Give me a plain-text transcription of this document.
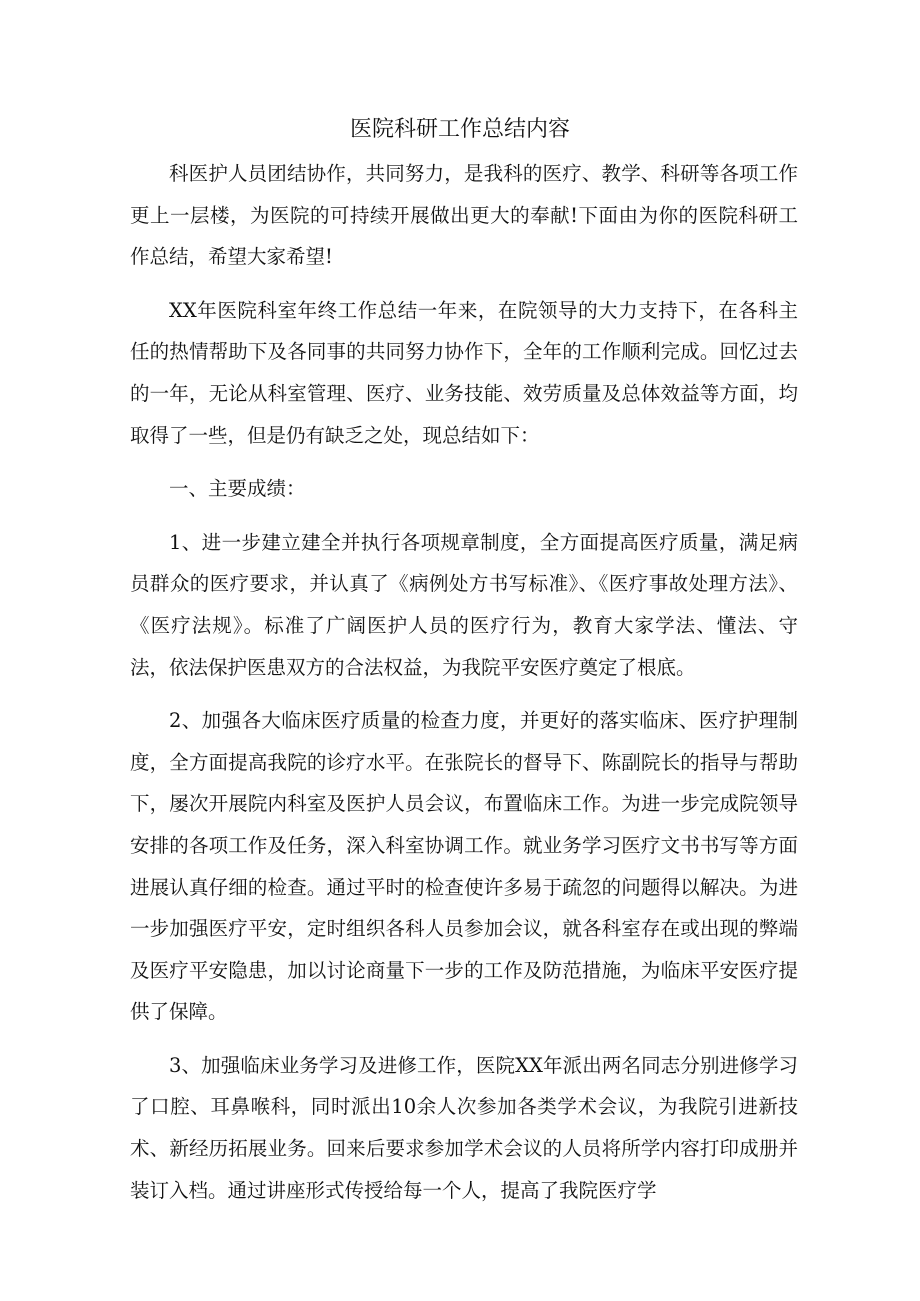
医院科研工作总结内容

科医护人员团结协作，共同努力，是我科的医疗、教学、科研等各项工作更上一层楼，为医院的可持续开展做出更大的奉献!下面由为你的医院科研工作总结，希望大家希望!

XX年医院科室年终工作总结一年来，在院领导的大力支持下，在各科主任的热情帮助下及各同事的共同努力协作下，全年的工作顺利完成。回忆过去的一年，无论从科室管理、医疗、业务技能、效劳质量及总体效益等方面，均取得了一些，但是仍有缺乏之处，现总结如下：

一、主要成绩：

1、进一步建立建全并执行各项规章制度，全方面提高医疗质量，满足病员群众的医疗要求，并认真了《病例处方书写标准》、《医疗事故处理方法》、《医疗法规》。标准了广阔医护人员的医疗行为，教育大家学法、懂法、守法，依法保护医患双方的合法权益，为我院平安医疗奠定了根底。

2、加强各大临床医疗质量的检查力度，并更好的落实临床、医疗护理制度，全方面提高我院的诊疗水平。在张院长的督导下、陈副院长的指导与帮助下，屡次开展院内科室及医护人员会议，布置临床工作。为进一步完成院领导安排的各项工作及任务，深入科室协调工作。就业务学习医疗文书书写等方面进展认真仔细的检查。通过平时的检查使许多易于疏忽的问题得以解决。为进一步加强医疗平安，定时组织各科人员参加会议，就各科室存在或出现的弊端及医疗平安隐患，加以讨论商量下一步的工作及防范措施，为临床平安医疗提供了保障。

3、加强临床业务学习及进修工作，医院XX年派出两名同志分别进修学习了口腔、耳鼻喉科，同时派出10余人次参加各类学术会议，为我院引进新技术、新经历拓展业务。回来后要求参加学术会议的人员将所学内容打印成册并装订入档。通过讲座形式传授给每一个人，提高了我院医疗学
